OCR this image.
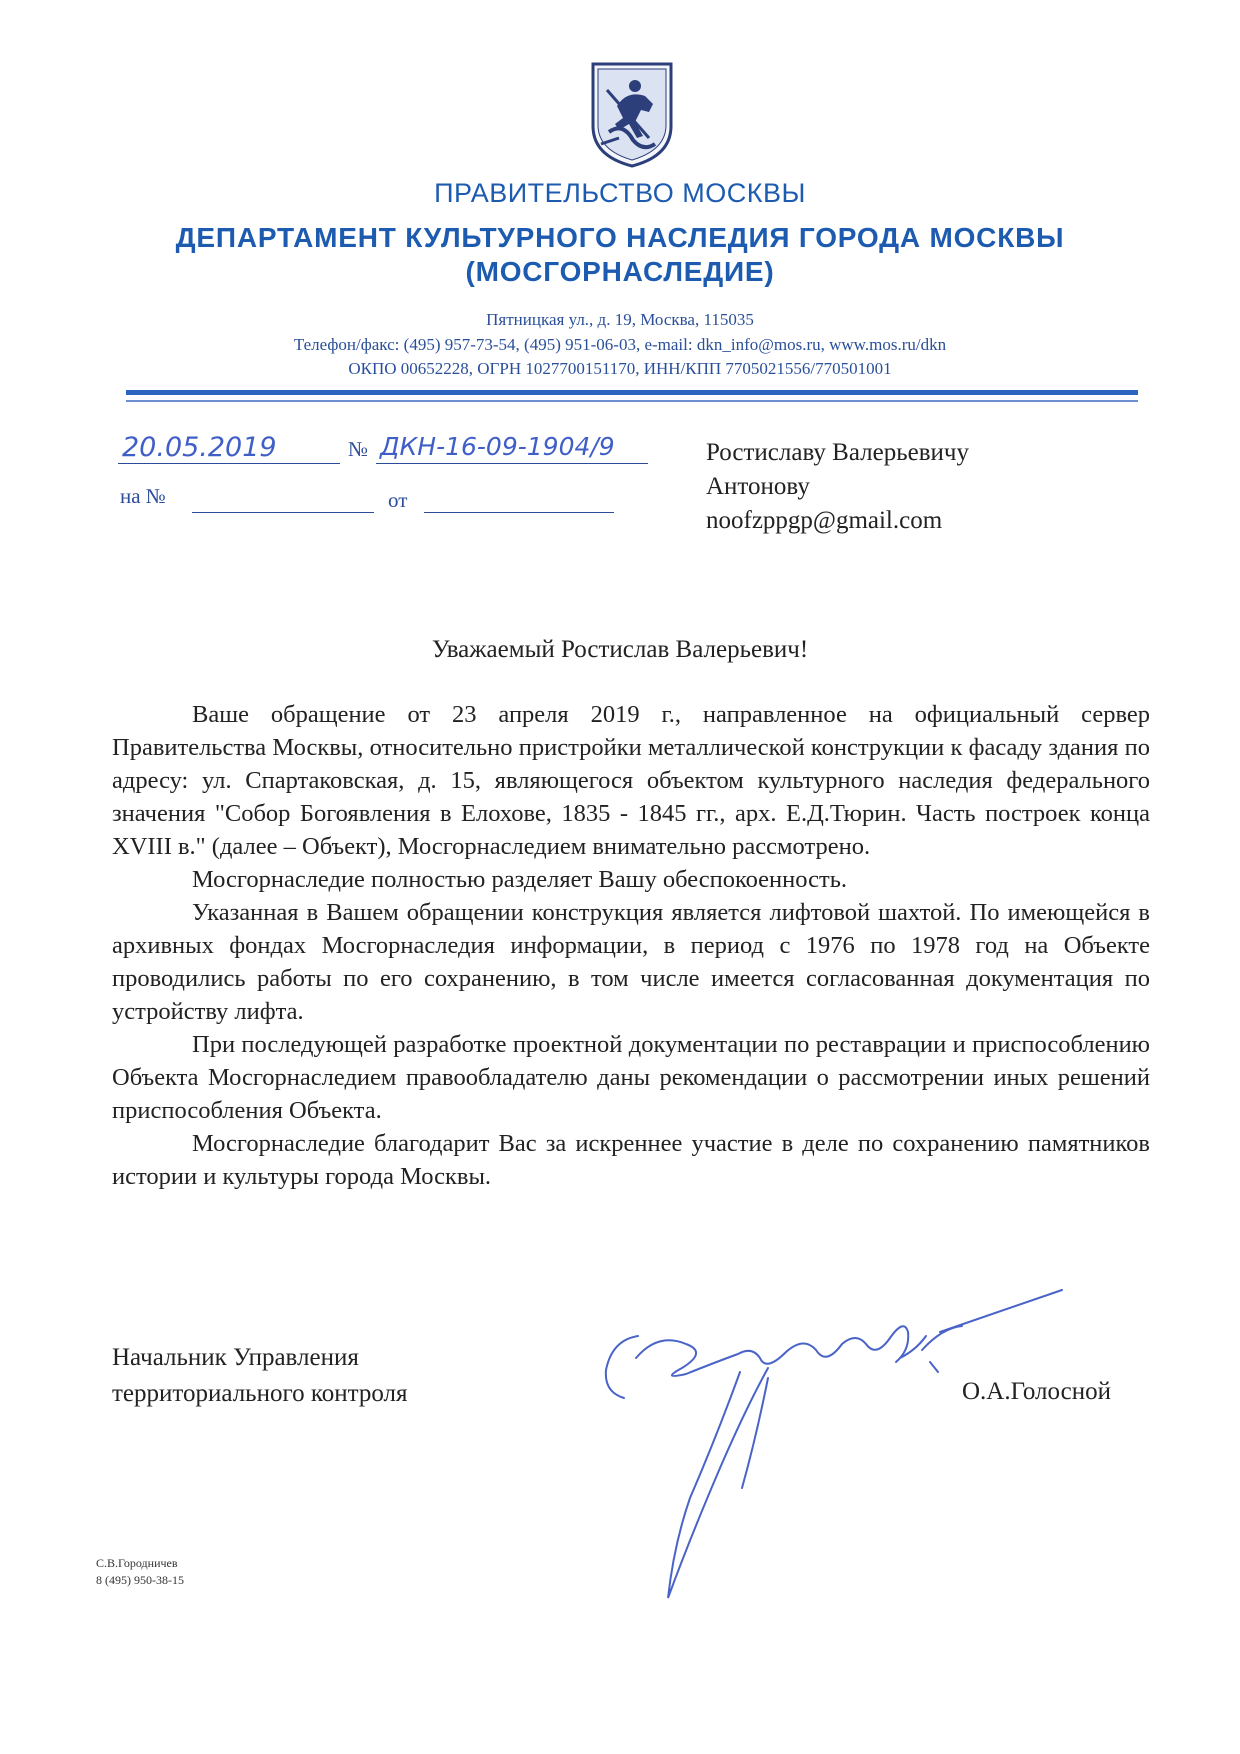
ПРАВИТЕЛЬСТВО МОСКВЫ
ДЕПАРТАМЕНТ КУЛЬТУРНОГО НАСЛЕДИЯ ГОРОДА МОСКВЫ
(МОСГОРНАСЛЕДИЕ)
Пятницкая ул., д. 19, Москва, 115035
Телефон/факс: (495) 957-73-54, (495) 951-06-03, e-mail: dkn_info@mos.ru, www.mos.ru/dkn
ОКПО 00652228, ОГРН 1027700151170, ИНН/КПП 7705021556/770501001
20.05.2019	№ ДКН-16-09-1904/9
на №	от
Ростиславу Валерьевичу
Антонову
noofzppgp@gmail.com
Уважаемый Ростислав Валерьевич!

Ваше обращение от 23 апреля 2019 г., направленное на официальный сервер Правительства Москвы, относительно пристройки металлической конструкции к фасаду здания по адресу: ул. Спартаковская, д. 15, являющегося объектом культурного наследия федерального значения "Собор Богоявления в Елохове, 1835 - 1845 гг., арх. Е.Д.Тюрин. Часть построек конца XVIII в." (далее – Объект), Мосгорнаследием внимательно рассмотрено.

Мосгорнаследие полностью разделяет Вашу обеспокоенность.

Указанная в Вашем обращении конструкция является лифтовой шахтой. По имеющейся в архивных фондах Мосгорнаследия информации, в период с 1976 по 1978 год на Объекте проводились работы по его сохранению, в том числе имеется согласованная документация по устройству лифта.

При последующей разработке проектной документации по реставрации и приспособлению Объекта Мосгорнаследием правообладателю даны рекомендации о рассмотрении иных решений приспособления Объекта.

Мосгорнаследие благодарит Вас за искреннее участие в деле по сохранению памятников истории и культуры города Москвы.

Начальник Управления
территориального контроля	О.А.Голосной
С.В.Городничев
8 (495) 950-38-15
